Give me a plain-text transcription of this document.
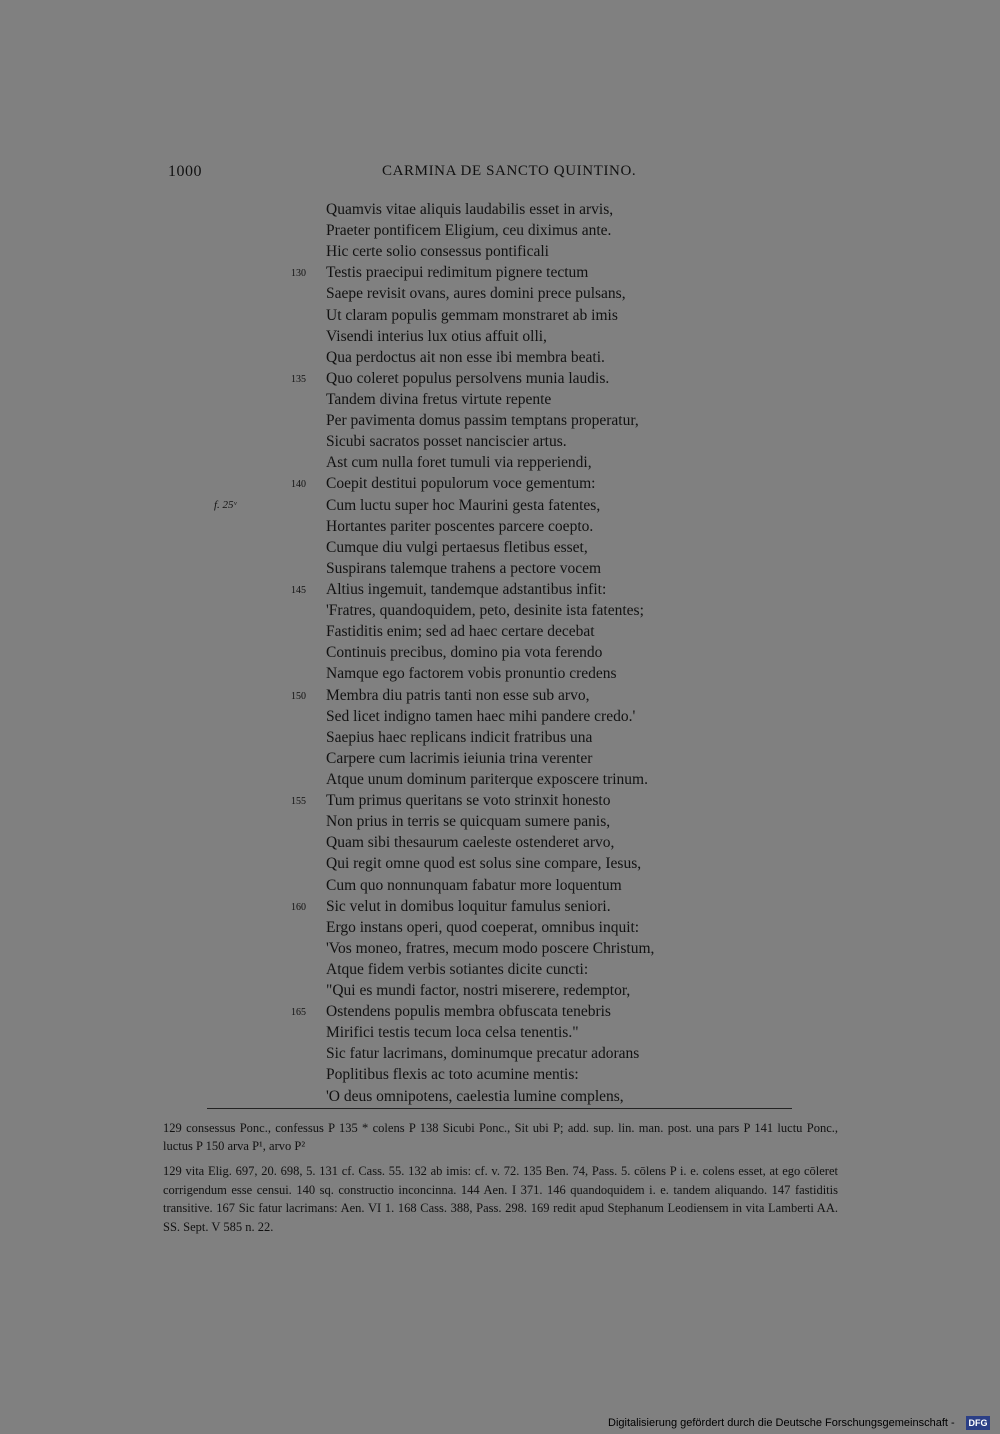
1000	CARMINA DE SANCTO QUINTINO.
Quamvis vitae aliquis laudabilis esset in arvis,
Praeter pontificem Eligium, ceu diximus ante.
Hic certe solio consessus pontificali
130 Testis praecipui redimitum pignere tectum
Saepe revisit ovans, aures domini prece pulsans,
Ut claram populis gemmam monstraret ab imis
Visendi interius lux otius affuit olli,
Qua perdoctus ait non esse ibi membra beati.
135 Quo coleret populus persolvens munia laudis.
Tandem divina fretus virtute repente
Per pavimenta domus passim temptans properatur,
Sicubi sacratos posset nanciscier artus.
Ast cum nulla foret tumuli via repperiendi,
140 Coepit destitui populorum voce gementum:
f. 25ᵛ	Cum luctu super hoc Maurini gesta fatentes,
Hortantes pariter poscentes parcere coepto.
Cumque diu vulgi pertaesus fletibus esset,
Suspirans talemque trahens a pectore vocem
145 Altius ingemuit, tandemque adstantibus infit:
'Fratres, quandoquidem, peto, desinite ista fatentes;
Fastiditis enim; sed ad haec certare decebat
Continuis precibus, domino pia vota ferendo
Namque ego factorem vobis pronuntio credens
150 Membra diu patris tanti non esse sub arvo,
Sed licet indigno tamen haec mihi pandere credo.'
Saepius haec replicans indicit fratribus una
Carpere cum lacrimis ieiunia trina verenter
Atque unum dominum pariterque exposcere trinum.
155 Tum primus queritans se voto strinxit honesto
Non prius in terris se quicquam sumere panis,
Quam sibi thesaurum caeleste ostenderet arvo,
Qui regit omne quod est solus sine compare, Iesus,
Cum quo nonnunquam fabatur more loquentum
160 Sic velut in domibus loquitur famulus seniori.
Ergo instans operi, quod coeperat, omnibus inquit:
'Vos moneo, fratres, mecum modo poscere Christum,
Atque fidem verbis sotiantes dicite cuncti:
"Qui es mundi factor, nostri miserere, redemptor,
165 Ostendens populis membra obfuscata tenebris
Mirifici testis tecum loca celsa tenentis."
Sic fatur lacrimans, dominumque precatur adorans
Poplitibus flexis ac toto acumine mentis:
'O deus omnipotens, caelestia lumine complens,
129 consessus Ponc., confessus P 135 * colens P 138 Sicubi Ponc., Sit ubi P; add. sup. lin. man. post. una pars P 141 luctu Ponc., luctus P 150 arva P¹, arvo P²
129 vita Elig. 697, 20. 698, 5. 131 cf. Cass. 55. 132 ab imis: cf. v. 72. 135 Ben. 74, Pass. 5. cōlens P i. e. colens esset, at ego cōleret corrigendum esse censui. 140 sq. constructio inconcinna. 144 Aen. I 371. 146 quandoquidem i. e. tandem aliquando. 147 fastiditis transitive. 167 Sic fatur lacrimans: Aen. VI 1. 168 Cass. 388, Pass. 298. 169 redit apud Stephanum Leodiensem in vita Lamberti AA. SS. Sept. V 585 n. 22.
Digitalisierung gefördert durch die Deutsche Forschungsgemeinschaft - DFG
